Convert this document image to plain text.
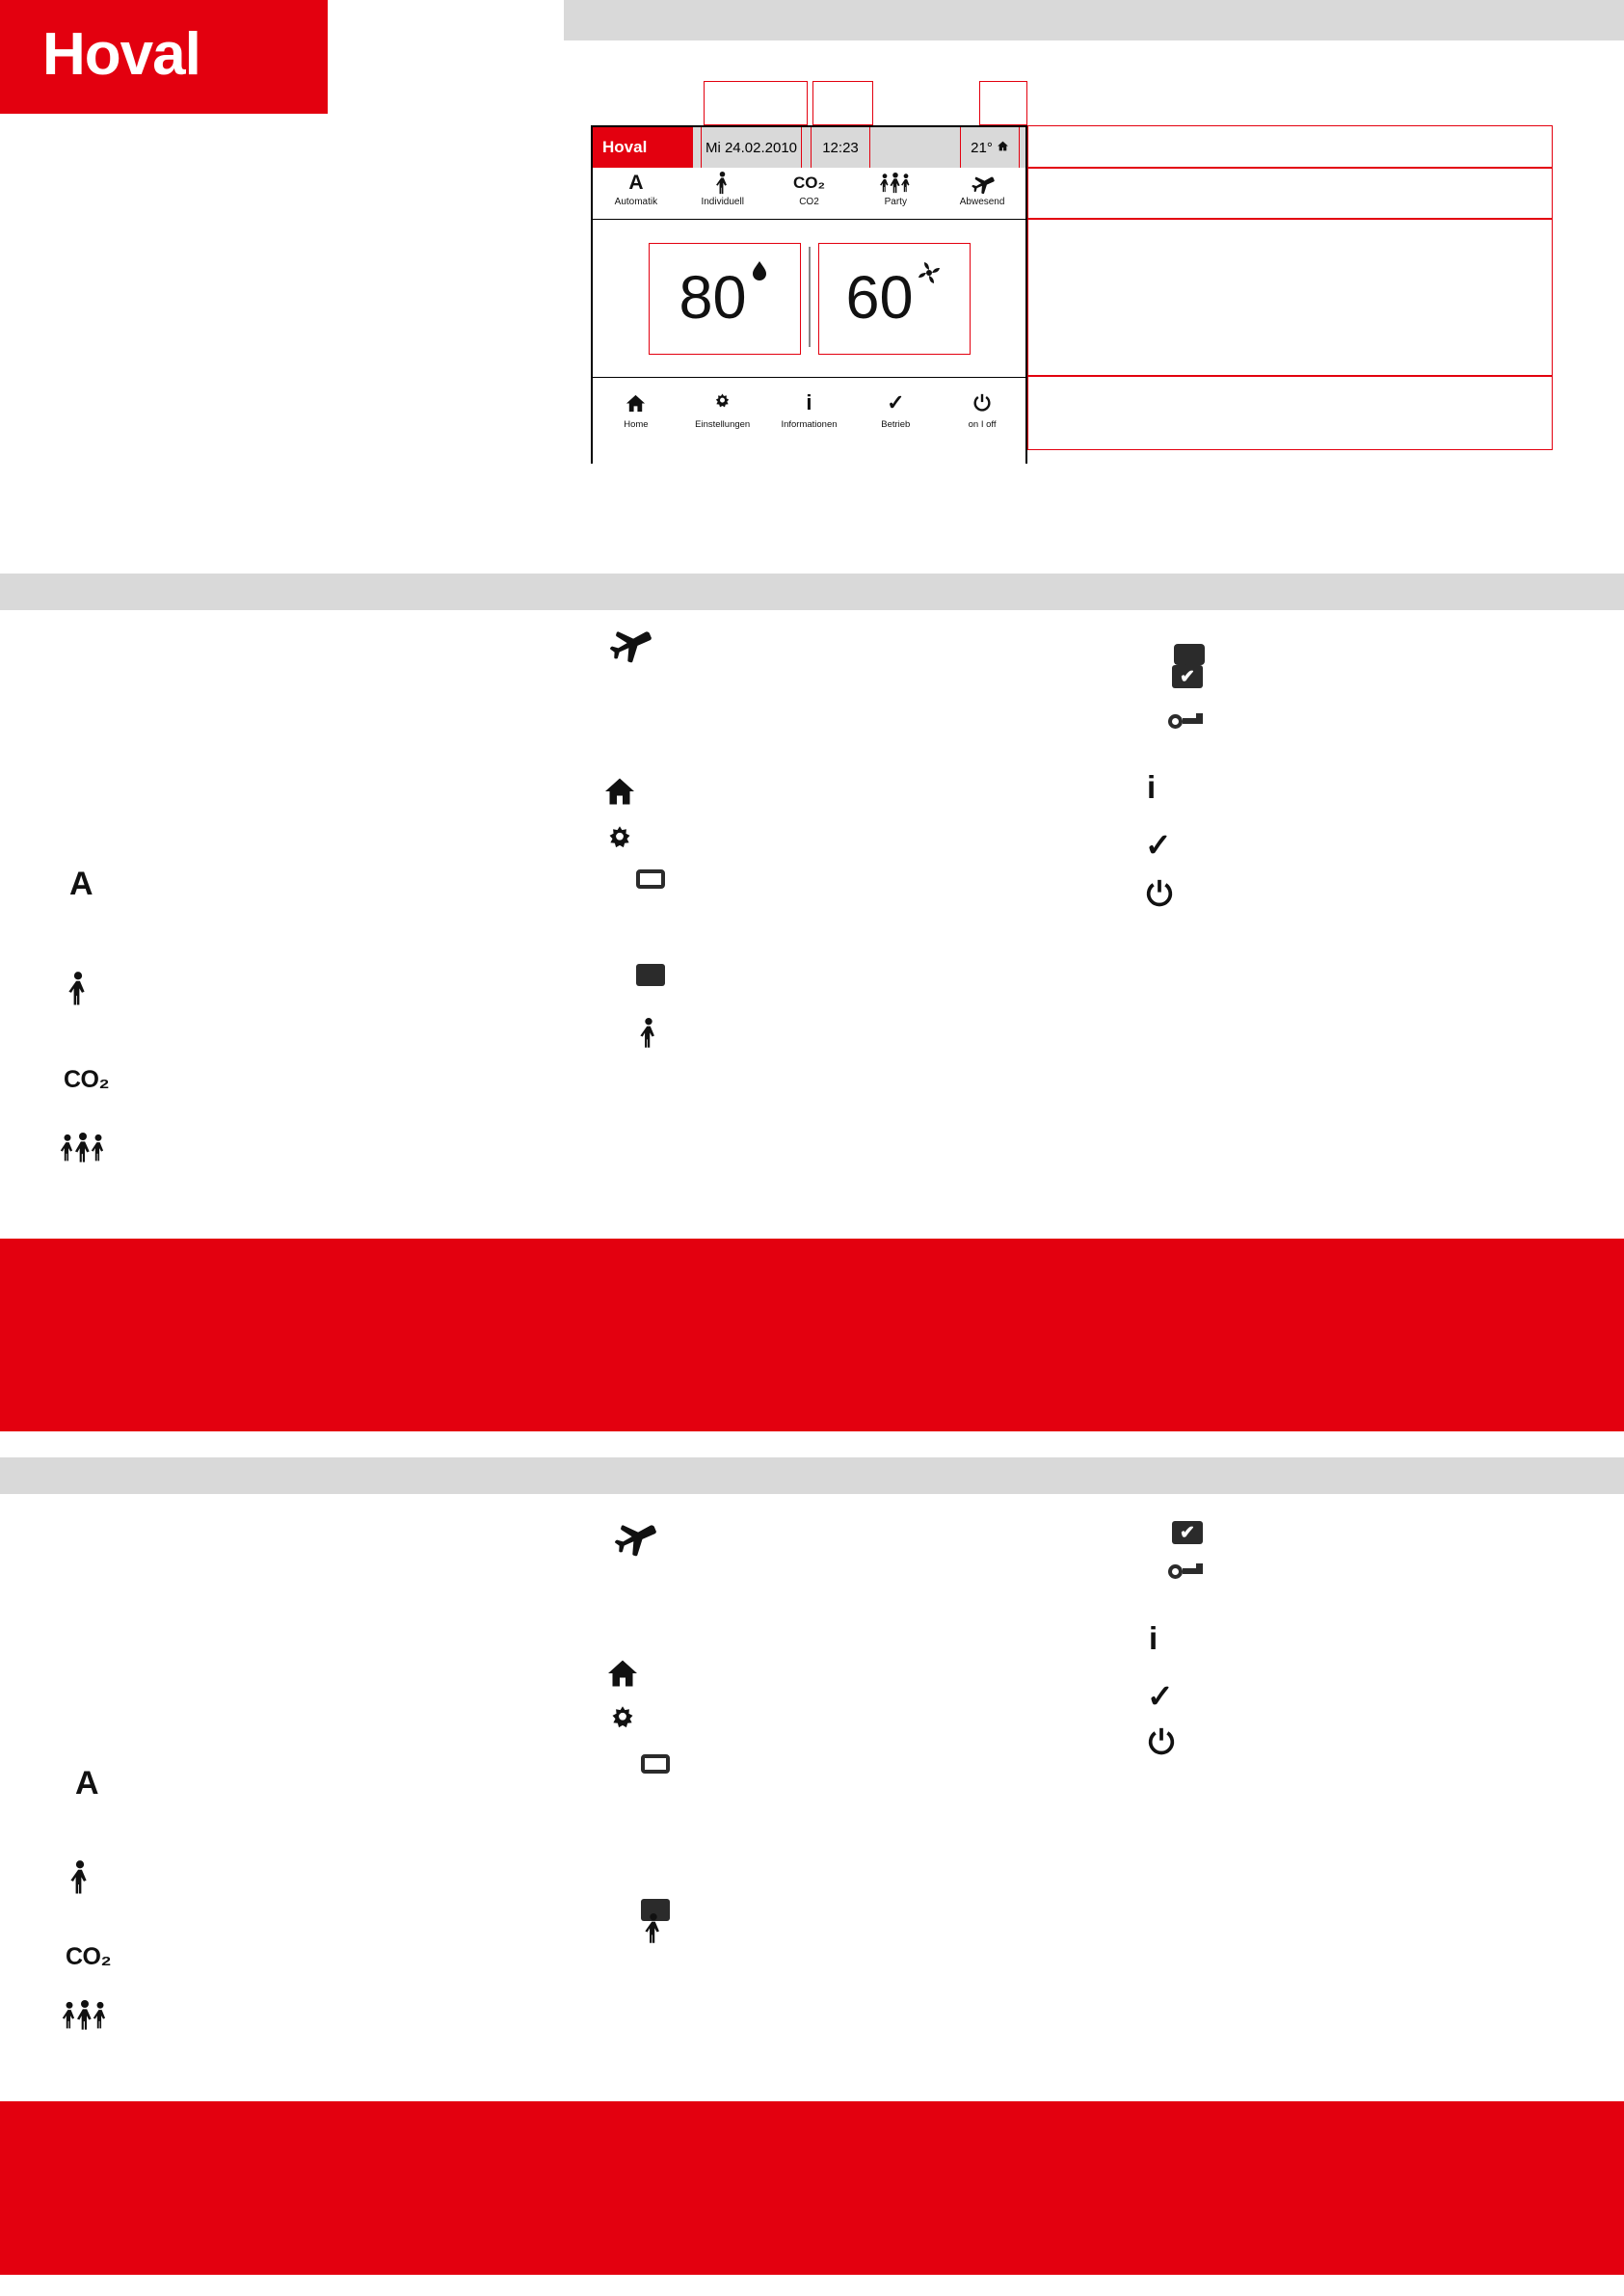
Hoval
Hoval	Mi 24.02.2010	12:23	21°
A
Automatik	Individuell
CO₂
CO2	Party	Abwesend
80 60
Home	Einstellungen
i
Informationen
✓
Betrieb	on I off
A
CO₂
✔
i
✓
A
CO₂
✔
i
✓
